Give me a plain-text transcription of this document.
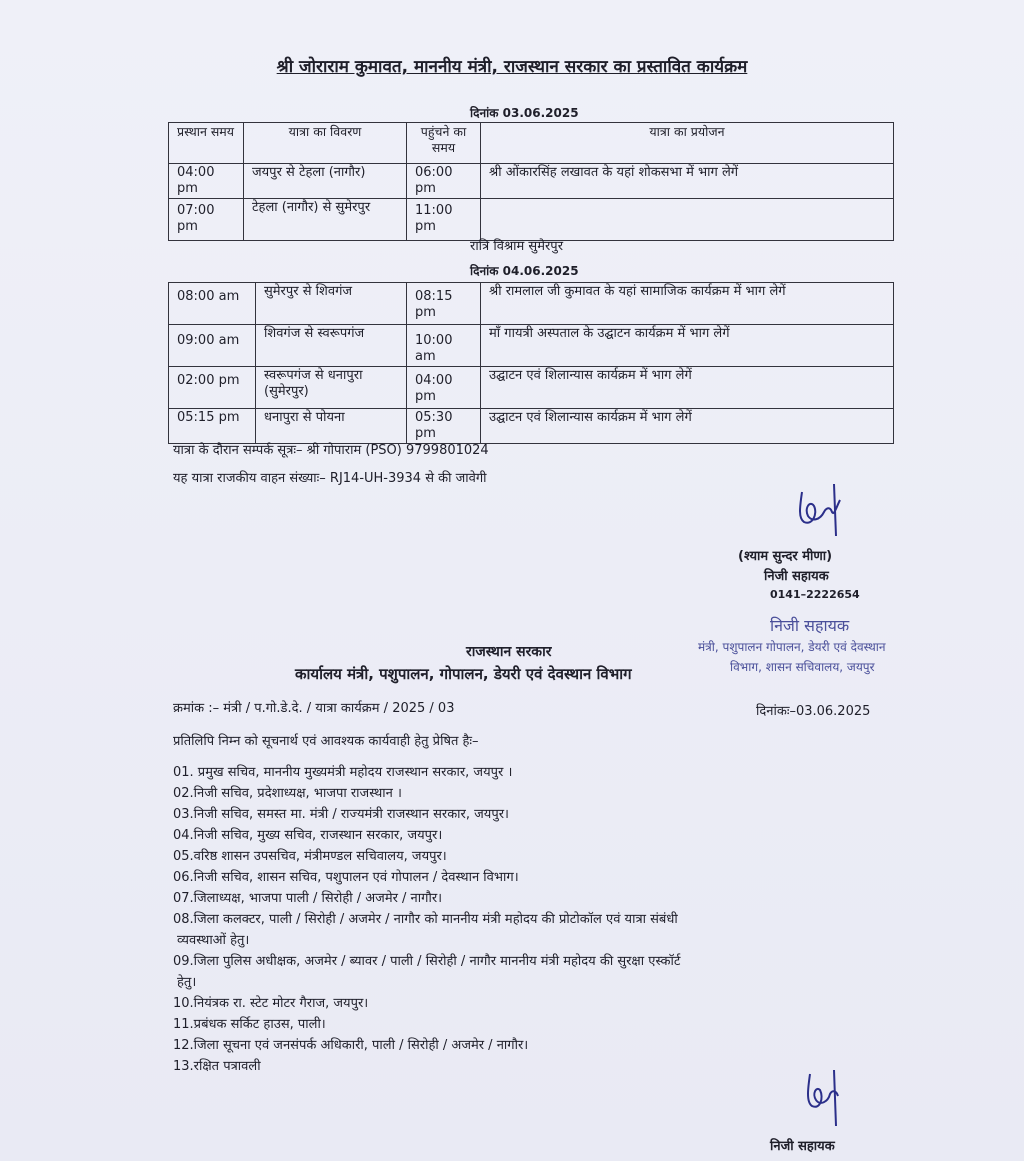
श्री जोराराम कुमावत, माननीय मंत्री, राजस्थान सरकार का प्रस्तावित कार्यक्रम
दिनांक 03.06.2025
प्रस्थान समय	यात्रा का विवरण	पहुंचने का समय	यात्रा का प्रयोजन
04:00 pm	जयपुर से टेहला (नागौर)	06:00 pm	श्री ओंकारसिंह लखावत के यहां शोकसभा में भाग लेगें
07:00 pm	टेहला (नागौर) से सुमेरपुर	11:00 pm	
रात्रि विश्राम सुमेरपुर
दिनांक 04.06.2025
08:00 am	सुमेरपुर से शिवगंज	08:15 pm	श्री रामलाल जी कुमावत के यहां सामाजिक कार्यक्रम में भाग लेगें
09:00 am	शिवगंज से स्वरूपगंज	10:00 am	माँ गायत्री अस्पताल के उद्घाटन कार्यक्रम में भाग लेगें
02:00 pm	स्वरूपगंज से धनापुरा (सुमेरपुर)	04:00 pm	उद्घाटन एवं शिलान्यास कार्यक्रम में भाग लेगें
05:15 pm	धनापुरा से पोयना	05:30 pm	उद्घाटन एवं शिलान्यास कार्यक्रम में भाग लेगें
यात्रा के दौरान सम्पर्क सूत्रः– श्री गोपाराम (PSO) 9799801024
यह यात्रा राजकीय वाहन संख्याः– RJ14-UH-3934 से की जावेगी
(श्याम सुन्दर मीणा)
निजी सहायक
0141–2222654
निजी सहायक
मंत्री, पशुपालन गोपालन, डेयरी एवं देवस्थान
विभाग, शासन सचिवालय, जयपुर
राजस्थान सरकार
कार्यालय मंत्री, पशुपालन, गोपालन, डेयरी एवं देवस्थान विभाग
क्रमांक :– मंत्री / प.गो.डे.दे. / यात्रा कार्यक्रम / 2025 / 03	दिनांकः–03.06.2025
प्रतिलिपि निम्न को सूचनार्थ एवं आवश्यक कार्यवाही हेतु प्रेषित हैः–
01. प्रमुख सचिव, माननीय मुख्यमंत्री महोदय राजस्थान सरकार, जयपुर ।
02.निजी सचिव, प्रदेशाध्यक्ष, भाजपा राजस्थान ।
03.निजी सचिव, समस्त मा. मंत्री / राज्यमंत्री राजस्थान सरकार, जयपुर।
04.निजी सचिव, मुख्य सचिव, राजस्थान सरकार, जयपुर।
05.वरिष्ठ शासन उपसचिव, मंत्रीमण्डल सचिवालय, जयपुर।
06.निजी सचिव, शासन सचिव, पशुपालन एवं गोपालन / देवस्थान विभाग।
07.जिलाध्यक्ष, भाजपा पाली / सिरोही / अजमेर / नागौर।
08.जिला कलक्टर, पाली / सिरोही / अजमेर / नागौर को माननीय मंत्री महोदय की प्रोटोकॉल एवं यात्रा संबंधी
व्यवस्थाओं हेतु।
09.जिला पुलिस अधीक्षक, अजमेर / ब्यावर / पाली / सिरोही / नागौर माननीय मंत्री महोदय की सुरक्षा एस्कॉर्ट
हेतु।
10.नियंत्रक रा. स्टेट मोटर गैराज, जयपुर।
11.प्रबंधक सर्किट हाउस, पाली।
12.जिला सूचना एवं जनसंपर्क अधिकारी, पाली / सिरोही / अजमेर / नागौर।
13.रक्षित पत्रावली
निजी सहायक
